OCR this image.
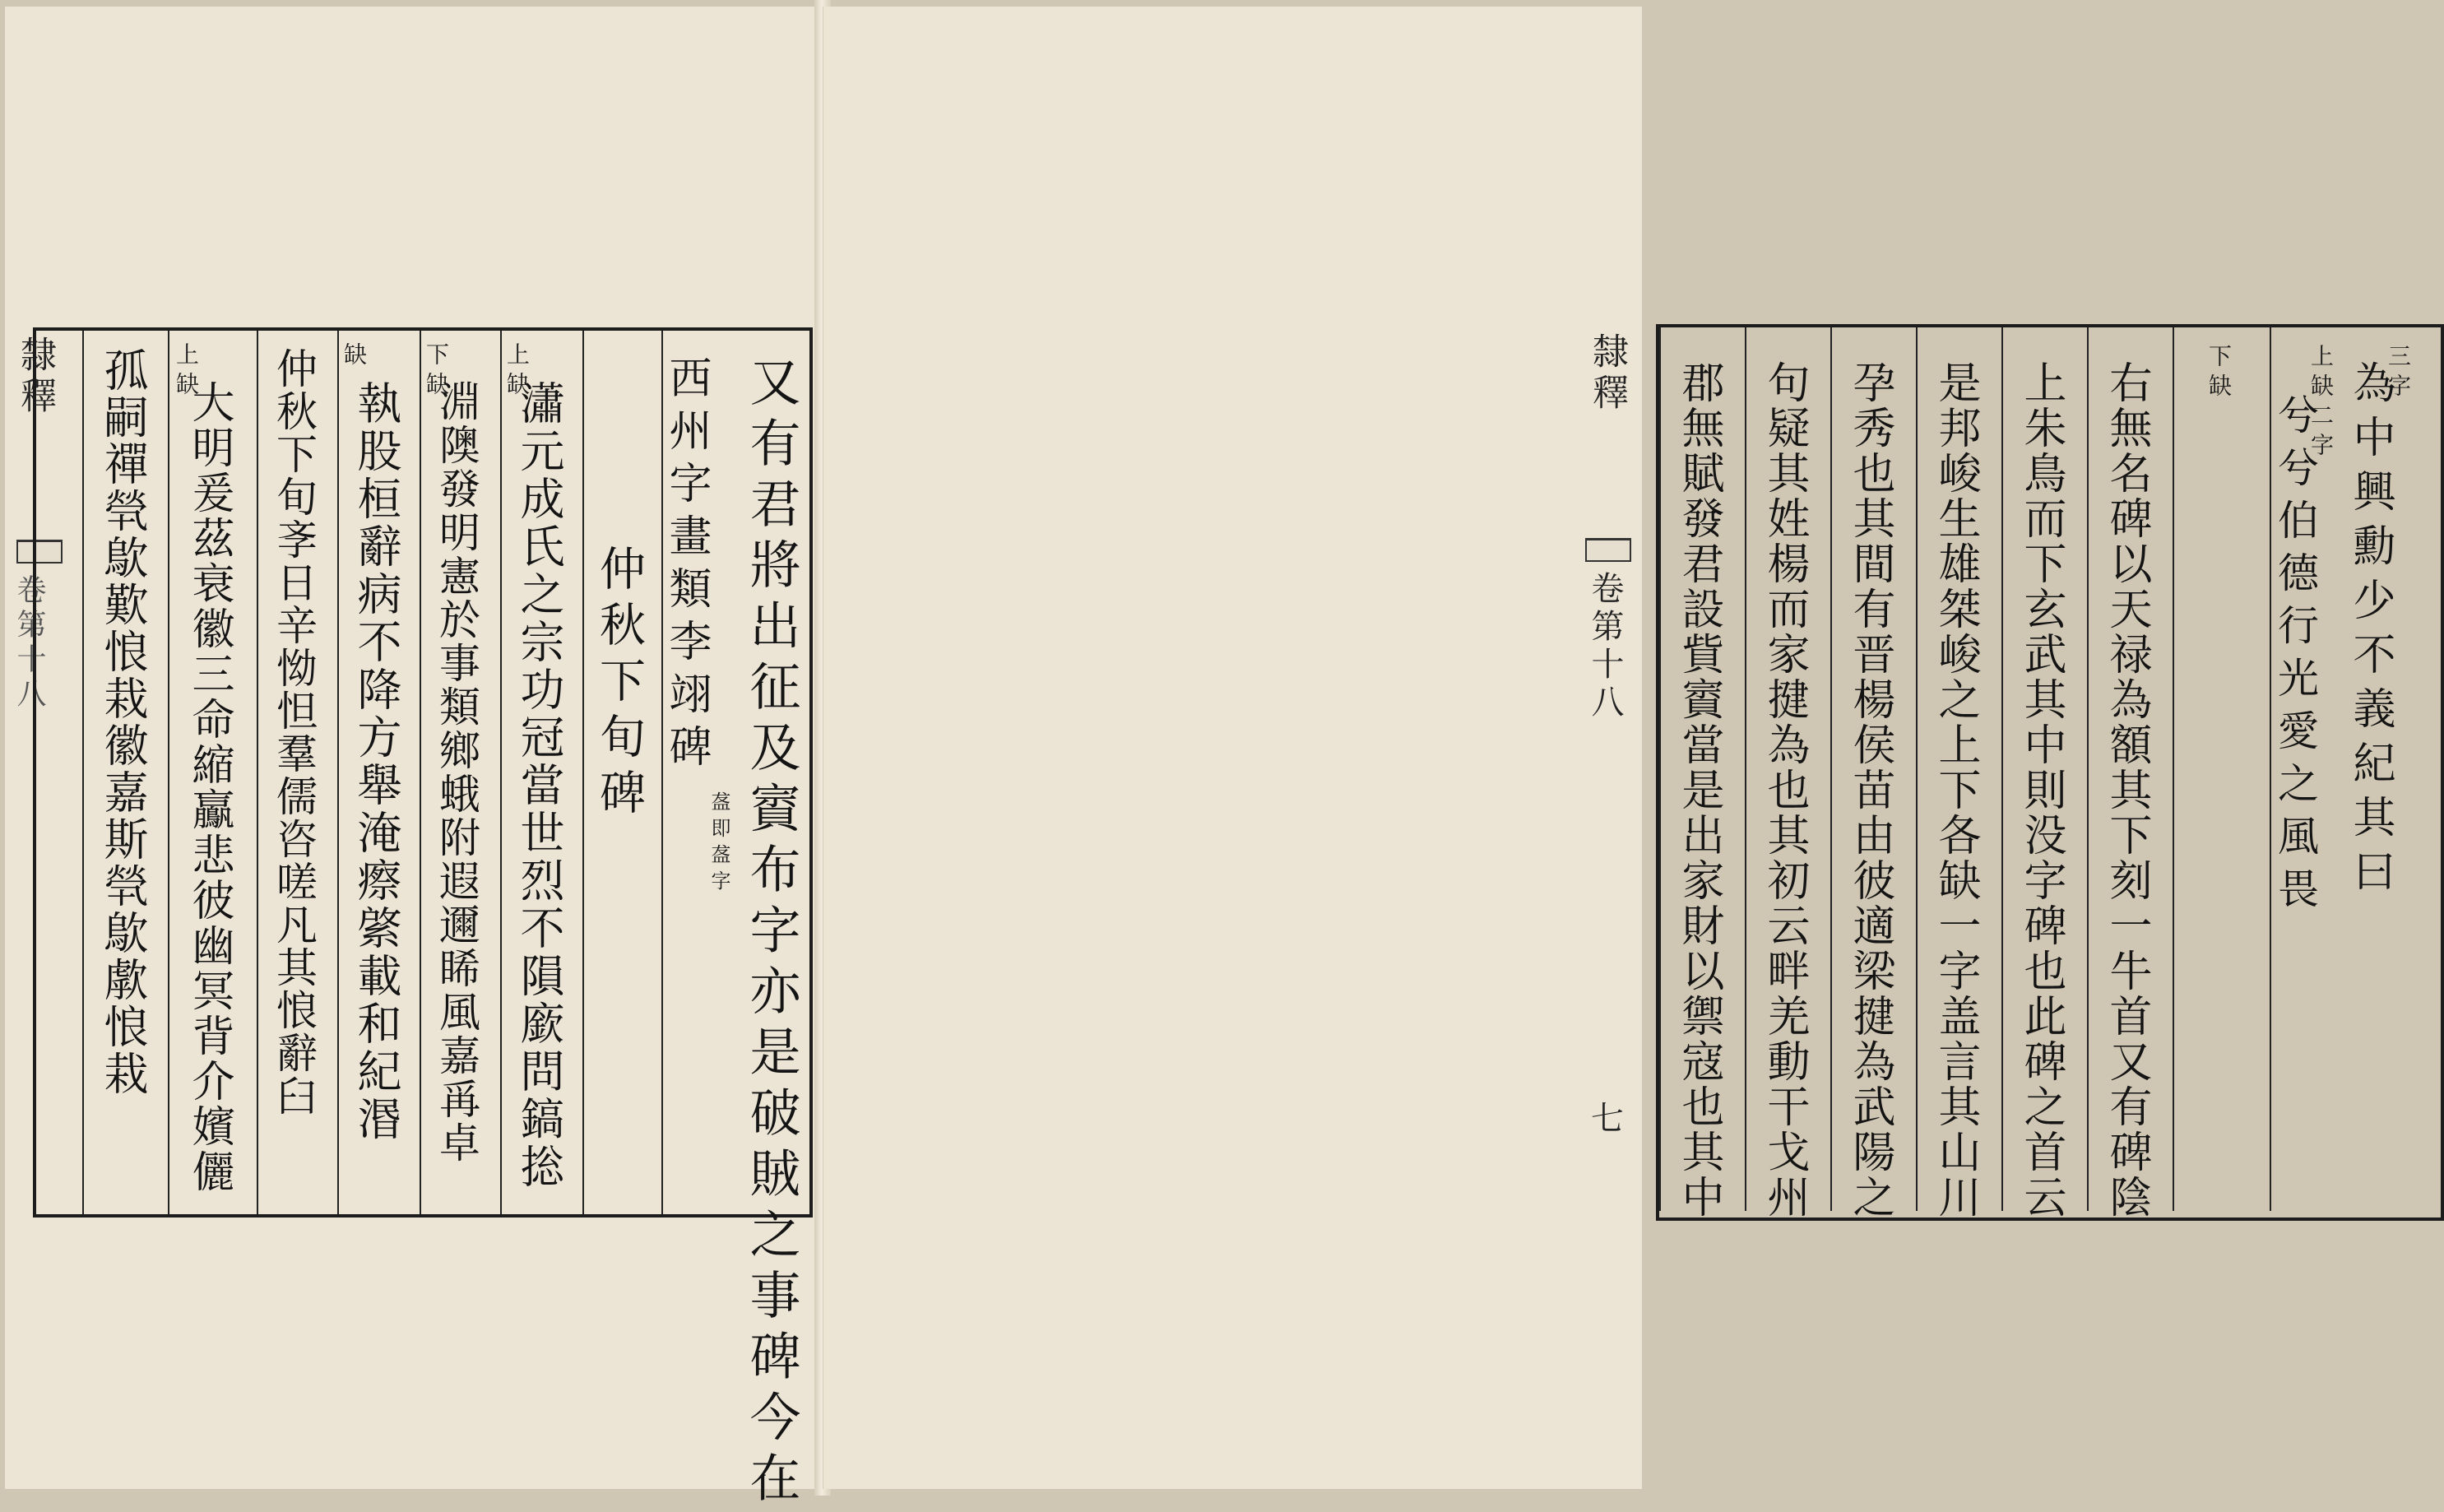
隸釋
卷第十八	又有君將出征及賨布字亦是破賊之事碑今在
西州字畫類李翊碑
盋即盋字
仲秋下旬碑
上缺
瀟元成氏之宗功冠當世烈不隕廞問鎬捴
下缺
淵隩發明憲於事類鄉蛾附遐邇睎風嘉爯卓
缺
執股桓辭病不降方舉淹瘵綮載和紀湣
仲秋下旬斈日辛怮怛羣儒咨嗟凡其悢辭臼
上缺
大明爰茲衰徽三命縮鸁悲彼幽冥背介嬪儷
孤嗣禪煢歍歎悢栽徽嘉斯煢歍歑悢栽	隸釋
卷第十八
七
三字
為中興勳少不義紀其曰
上缺二字
兮兮伯德行光愛之風畏
下缺
右無名碑以天禄為額其下刻一牛首又有碑陰
上朱鳥而下玄武其中則没字碑也此碑之首云
是邦峻生雄桀峻之上下各缺一字盖言其山川
孕秀也其間有晋楊侯苗由彼適梁揵為武陽之
句疑其姓楊而家揵為也其初云畔羌動干戈州
郡無賦發君設貲賨當是出家財以禦寇也其中
